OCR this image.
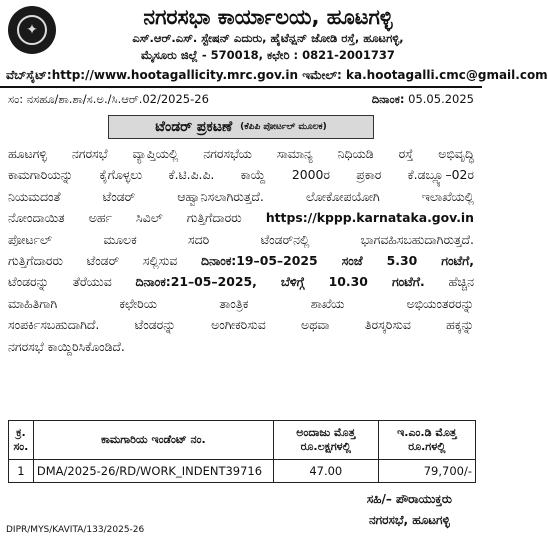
✦
ನಗರಸಭಾ ಕಾರ್ಯಾಲಯ, ಹೂಟಗಳ್ಳಿ
ಎಸ್.ಆರ್.ಎಸ್. ಸ್ಟೇಷನ್ ಎದುರು, ಹೈಟೆನ್ಷನ್ ಜೋಡಿ ರಸ್ತೆ, ಹೂಟಗಳ್ಳಿ,
ಮೈಸೂರು ಜಿಲ್ಲೆ - 570018, ಕಛೇರಿ : 0821-2001737
ವೆಬ್‌ಸೈಟ್:http://www.hootagallicity.mrc.gov.in ಇಮೇಲ್: ka.hootagalli.cmc@gmail.com
ಸಂ: ನಸಹೂ/ಶಾ.ಶಾ/ಸ.ಅ./ಸಿ.ಆರ್.02/2025-26	ದಿನಾಂಕ: 05.05.2025
ಟೆಂಡರ್ ಪ್ರಕಟಣೆ (ಕೆಪಿಪಿ ಪೋರ್ಟಲ್ ಮೂಲಕ)
ಹೂಟಗಳ್ಳಿ ನಗರಸಭೆ ವ್ಯಾಪ್ತಿಯಲ್ಲಿ ನಗರಸಭೆಯ ಸಾಮಾನ್ಯ ನಿಧಿಯಡಿ ರಸ್ತೆ ಅಭಿವೃದ್ಧಿ
ಕಾಮಗಾರಿಯನ್ನು ಕೈಗೊಳ್ಳಲು ಕೆ.ಟಿ.ಪಿ.ಪಿ. ಕಾಯ್ದೆ 2000ರ ಪ್ರಕಾರ ಕೆ.ಡಬ್ಲ್ಯೂ–02ರ
ನಿಯಮದಂತೆ ಟೆಂಡರ್ ಆಹ್ವಾನಿಸಲಾಗಿರುತ್ತದೆ. ಲೋಕೋಪಯೋಗಿ ಇಲಾಖೆಯಲ್ಲಿ
ನೋಂದಾಯಿತ ಅರ್ಹ ಸಿವಿಲ್ ಗುತ್ತಿಗೆದಾರರು https://kppp.karnataka.gov.in
ಪೋರ್ಟಲ್ ಮೂಲಕ ಸದರಿ ಟೆಂಡರ್‌ನಲ್ಲಿ ಭಾಗವಹಿಸಬಹುದಾಗಿರುತ್ತದೆ.
ಗುತ್ತಿಗೆದಾರರು ಟೆಂಡರ್ ಸಲ್ಲಿಸುವ ದಿನಾಂಕ:19–05–2025 ಸಂಜೆ 5.30 ಗಂಟೆಗೆ,
ಟೆಂಡರನ್ನು ತೆರೆಯುವ ದಿನಾಂಕ:21–05–2025, ಬೆಳಿಗ್ಗೆ 10.30 ಗಂಟೆಗೆ. ಹೆಚ್ಚಿನ
ಮಾಹಿತಿಗಾಗಿ ಕಛೇರಿಯ ತಾಂತ್ರಿಕ ಶಾಖೆಯ ಅಭಿಯಂತರರನ್ನು
ಸಂಪರ್ಕಿಸಬಹುದಾಗಿದೆ. ಟೆಂಡರನ್ನು ಅಂಗೀಕರಿಸುವ ಅಥವಾ ತಿರಸ್ಕರಿಸುವ ಹಕ್ಕನ್ನು
ನಗರಸಭೆ ಕಾಯ್ದಿರಿಸಿಕೊಂಡಿದೆ.
ಕ್ರ. ಸಂ.	ಕಾಮಗಾರಿಯ ಇಂಡೆಂಟ್ ನಂ.	ಅಂದಾಜು ಮೊತ್ತ ರೂ.ಲಕ್ಷಗಳಲ್ಲಿ	ಇ.ಎಂ.ಡಿ ಮೊತ್ತ ರೂ.ಗಳಲ್ಲಿ
1	DMA/2025-26/RD/WORK_INDENT39716	47.00	79,700/-
ಸಹಿ/– ಪೌರಾಯುಕ್ತರು
ನಗರಸಭೆ, ಹೂಟಗಳ್ಳಿ
DIPR/MYS/KAVITA/133/2025-26
